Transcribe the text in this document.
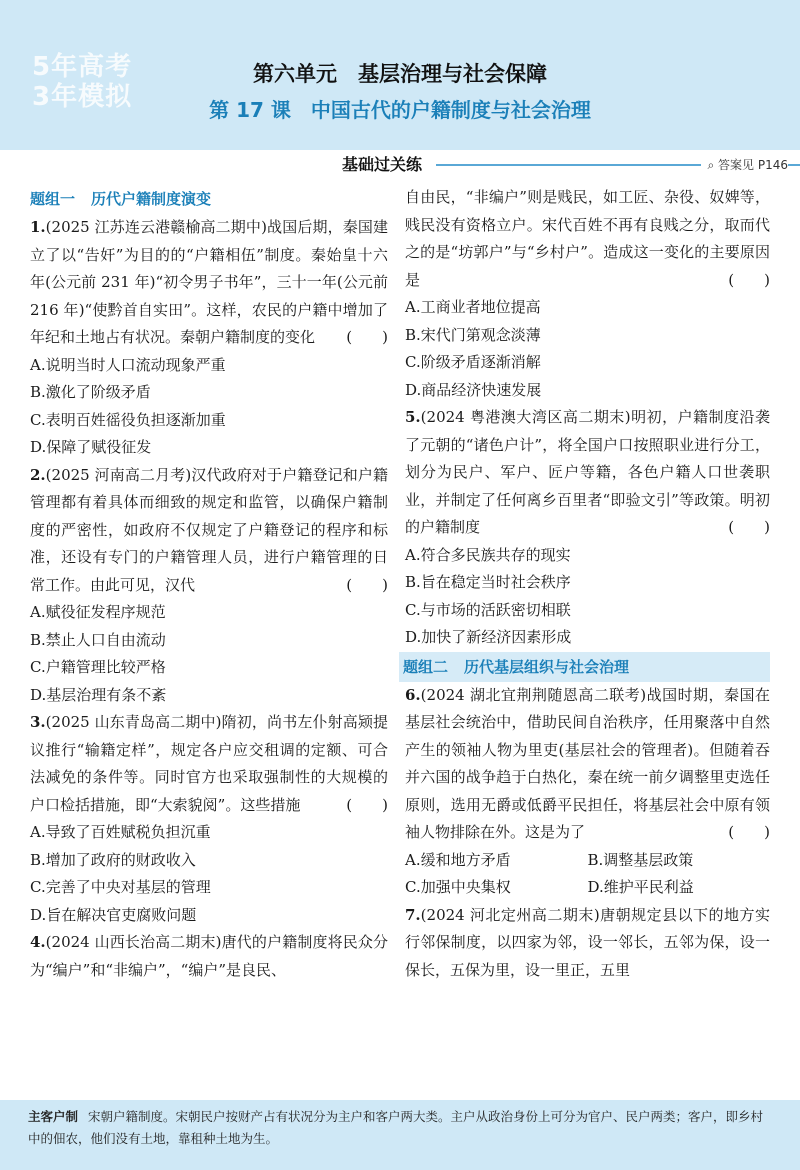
5年高考
3年模拟
第六单元　基层治理与社会保障
第 17 课　中国古代的户籍制度与社会治理
基础过关练	⌕ 答案见 P146
题组一 历代户籍制度演变
1.(2025 江苏连云港赣榆高二期中)战国后期，秦国建立了以“告奸”为目的的“户籍相伍”制度。秦始皇十六年(公元前 231 年)“初令男子书年”，三十一年(公元前 216 年)“使黔首自实田”。这样，农民的户籍中增加了年纪和土地占有状况。秦朝户籍制度的变化 (　　)
A.说明当时人口流动现象严重
B.激化了阶级矛盾
C.表明百姓徭役负担逐渐加重
D.保障了赋役征发
2.(2025 河南高二月考)汉代政府对于户籍登记和户籍管理都有着具体而细致的规定和监管，以确保户籍制度的严密性，如政府不仅规定了户籍登记的程序和标准，还设有专门的户籍管理人员，进行户籍管理的日常工作。由此可见，汉代	(　　)
A.赋役征发程序规范
B.禁止人口自由流动
C.户籍管理比较严格
D.基层治理有条不紊
3.(2025 山东青岛高二期中)隋初，尚书左仆射高颎提议推行“输籍定样”，规定各户应交租调的定额、可合法减免的条件等。同时官方也采取强制性的大规模的户口检括措施，即“大索貌阅”。这些措施	(　　)
A.导致了百姓赋税负担沉重
B.增加了政府的财政收入
C.完善了中央对基层的管理
D.旨在解决官吏腐败问题
4.(2024 山西长治高二期末)唐代的户籍制度将民众分为“编户”和“非编户”，“编户”是良民、
自由民，“非编户”则是贱民，如工匠、杂役、奴婢等，贱民没有资格立户。宋代百姓不再有良贱之分，取而代之的是“坊郭户”与“乡村户”。造成这一变化的主要原因是	(　　)
A.工商业者地位提高
B.宋代门第观念淡薄
C.阶级矛盾逐渐消解
D.商品经济快速发展
5.(2024 粤港澳大湾区高二期末)明初，户籍制度沿袭了元朝的“诸色户计”，将全国户口按照职业进行分工，划分为民户、军户、匠户等籍，各色户籍人口世袭职业，并制定了任何离乡百里者“即验文引”等政策。明初的户籍制度	(　　)
A.符合多民族共存的现实
B.旨在稳定当时社会秩序
C.与市场的活跃密切相联
D.加快了新经济因素形成
题组二 历代基层组织与社会治理
6.(2024 湖北宜荆荆随恩高二联考)战国时期，秦国在基层社会统治中，借助民间自治秩序，任用聚落中自然产生的领袖人物为里吏(基层社会的管理者)。但随着吞并六国的战争趋于白热化，秦在统一前夕调整里吏选任原则，选用无爵或低爵平民担任，将基层社会中原有领袖人物排除在外。这是为了	(　　)
A.缓和地方矛盾	B.调整基层政策
C.加强中央集权	D.维护平民利益
7.(2024 河北定州高二期末)唐朝规定县以下的地方实行邻保制度，以四家为邻，设一邻长，五邻为保，设一保长，五保为里，设一里正，五里
主客户制 宋朝户籍制度。宋朝民户按财产占有状况分为主户和客户两大类。主户从政治身份上可分为官户、民户两类；客户，即乡村中的佃农，他们没有土地，靠租种土地为生。
